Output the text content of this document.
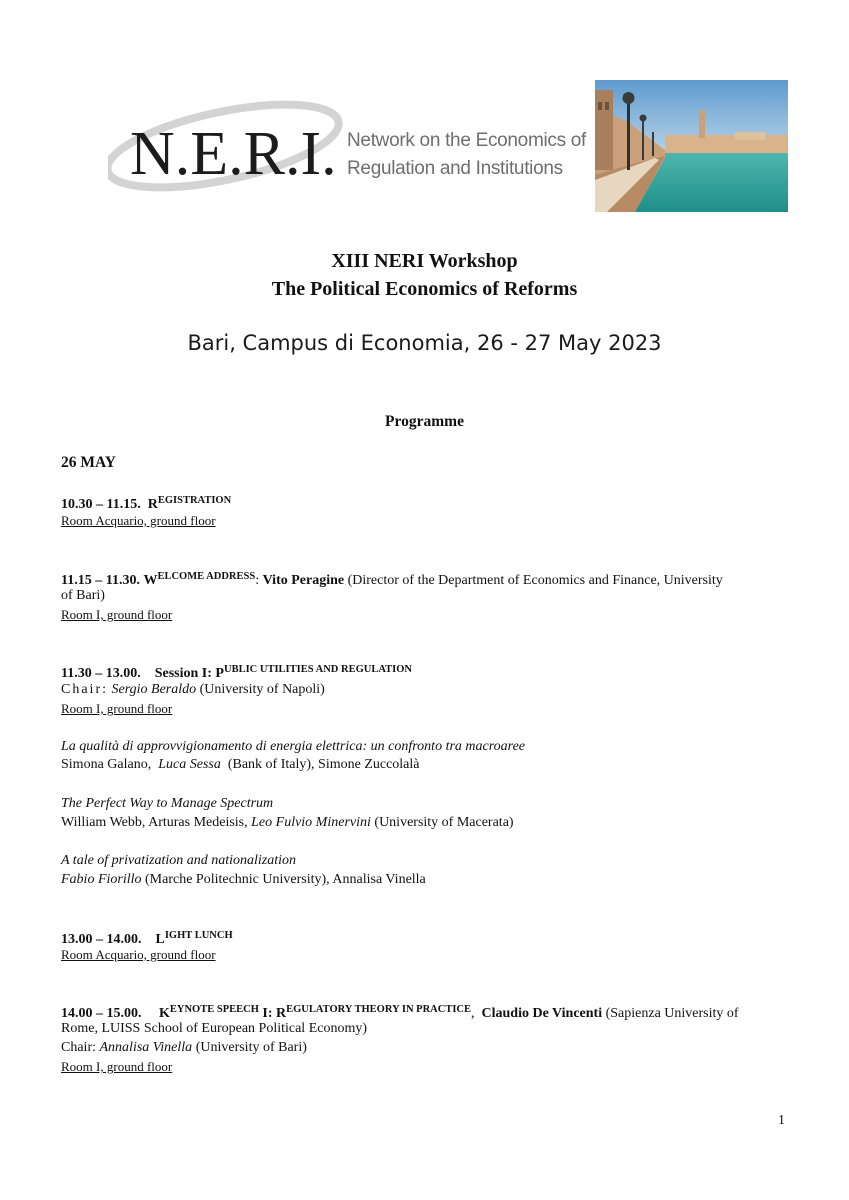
N.E.R.I. Network on the Economics of
Regulation and Institutions
XIII NERI Workshop
The Political Economics of Reforms
Bari, Campus di Economia, 26 - 27 May 2023
Programme
26 MAY
10.30 – 11.15. $R^{EGISTRATION}$
Room Acquario, ground floor
11.15 – 11.30. $W^{ELCOME ADDRESS}$: Vito Peragine (Director of the Department of Economics and Finance, University
of Bari)
Room I, ground floor
11.30 – 13.00. Session I: $P^{UBLIC UTILITIES AND REGULATION}$
Chair: Sergio Beraldo (University of Napoli)
Room I, ground floor
La qualità di approvvigionamento di energia elettrica: un confronto tra macroaree
Simona Galano, Luca Sessa (Bank of Italy), Simone Zuccolalà
The Perfect Way to Manage Spectrum
William Webb, Arturas Medeisis, Leo Fulvio Minervini (University of Macerata)
A tale of privatization and nationalization
Fabio Fiorillo (Marche Politechnic University), Annalisa Vinella
13.00 – 14.00. $L^{IGHT LUNCH}$
Room Acquario, ground floor
14.00 – 15.00. $K^{EYNOTE SPEECH}$ I: $R^{EGULATORY THEORY IN PRACTICE}$, Claudio De Vincenti (Sapienza University of
Rome, LUISS School of European Political Economy)
Chair: Annalisa Vinella (University of Bari)
Room I, ground floor
1
